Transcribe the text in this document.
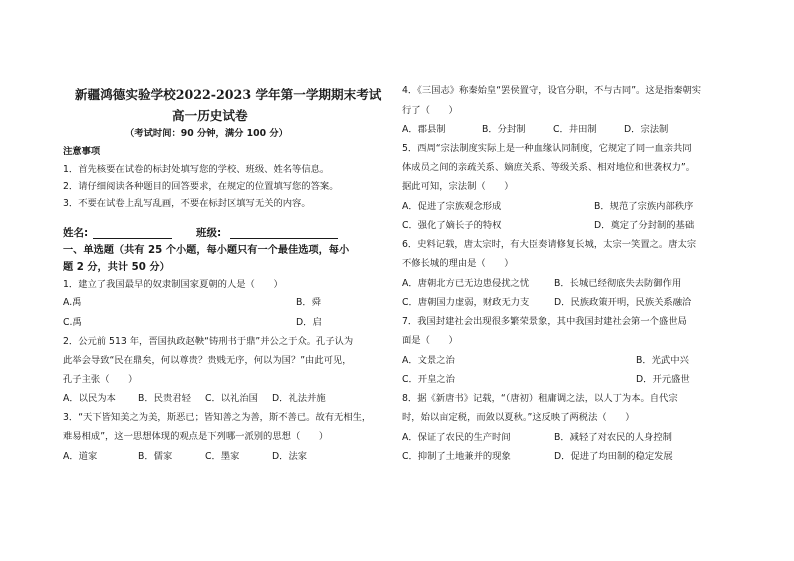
新疆鸿德实验学校2022-2023 学年第一学期期末考试
高一历史试卷
（考试时间：90 分钟，满分 100 分）
注意事项
1．首先核要在试卷的标封处填写您的学校、班级、姓名等信息。
2．请仔细阅读各种题目的回答要求，在规定的位置填写您的答案。
3．不要在试卷上乱写乱画，不要在标封区填写无关的内容。
姓名:	班级:
一、单选题（共有 25 个小题，每小题只有一个最佳选项，每小
题 2 分，共计 50 分）
1．建立了我国最早的奴隶制国家夏朝的人是（　　）
A.禹	B．舜
C.禹	D．启
2．公元前 513 年，晋国执政赵鞅“铸刑书于鼎”并公之于众。孔子认为
此举会导致“民在鼎矣，何以尊贵？贵贱无序，何以为国？”由此可见，
孔子主张（　　）
A．以民为本 B．民贵君轻 C．以礼治国 D．礼法并施
3．“天下皆知美之为美，斯恶已；皆知善之为善，斯不善已。故有无相生，
难易相成”，这一思想体现的观点是下列哪一派别的思想（　　）
A．道家	B．儒家	C．墨家	D．法家
4．《三国志》称秦始皇“罢侯置守，设官分职，不与古同”。这是指秦朝实
行了（　　）
A．郡县制	B．分封制	C．井田制	D．宗法制
5．西周“宗法制度实际上是一种血缘认同制度，它规定了同一血亲共同
体成员之间的亲疏关系、嫡庶关系、等级关系、相对地位和世袭权力”。
据此可知，宗法制（　　）
A．促进了宗族观念形成	B．规范了宗族内部秩序
C．强化了嫡长子的特权	D．奠定了分封制的基础
6．史料记载，唐太宗时，有大臣奏请修复长城，太宗一笑置之。唐太宗
不修长城的理由是（　　）
A．唐朝北方已无边患侵扰之忧	B．长城已经彻底失去防御作用
C．唐朝国力虚弱，财政无力支	D．民族政策开明，民族关系融洽
7．我国封建社会出现很多繁荣景象，其中我国封建社会第一个盛世局
面是（　　）
A．文景之治	B．光武中兴
C．开皇之治	D．开元盛世
8．据《新唐书》记载，“（唐初）租庸调之法，以人丁为本。自代宗
时，始以亩定税，而敛以夏秋。”这反映了两税法（　　）
A．保证了农民的生产时间	B．减轻了对农民的人身控制
C．抑制了土地兼并的现象	D．促进了均田制的稳定发展
